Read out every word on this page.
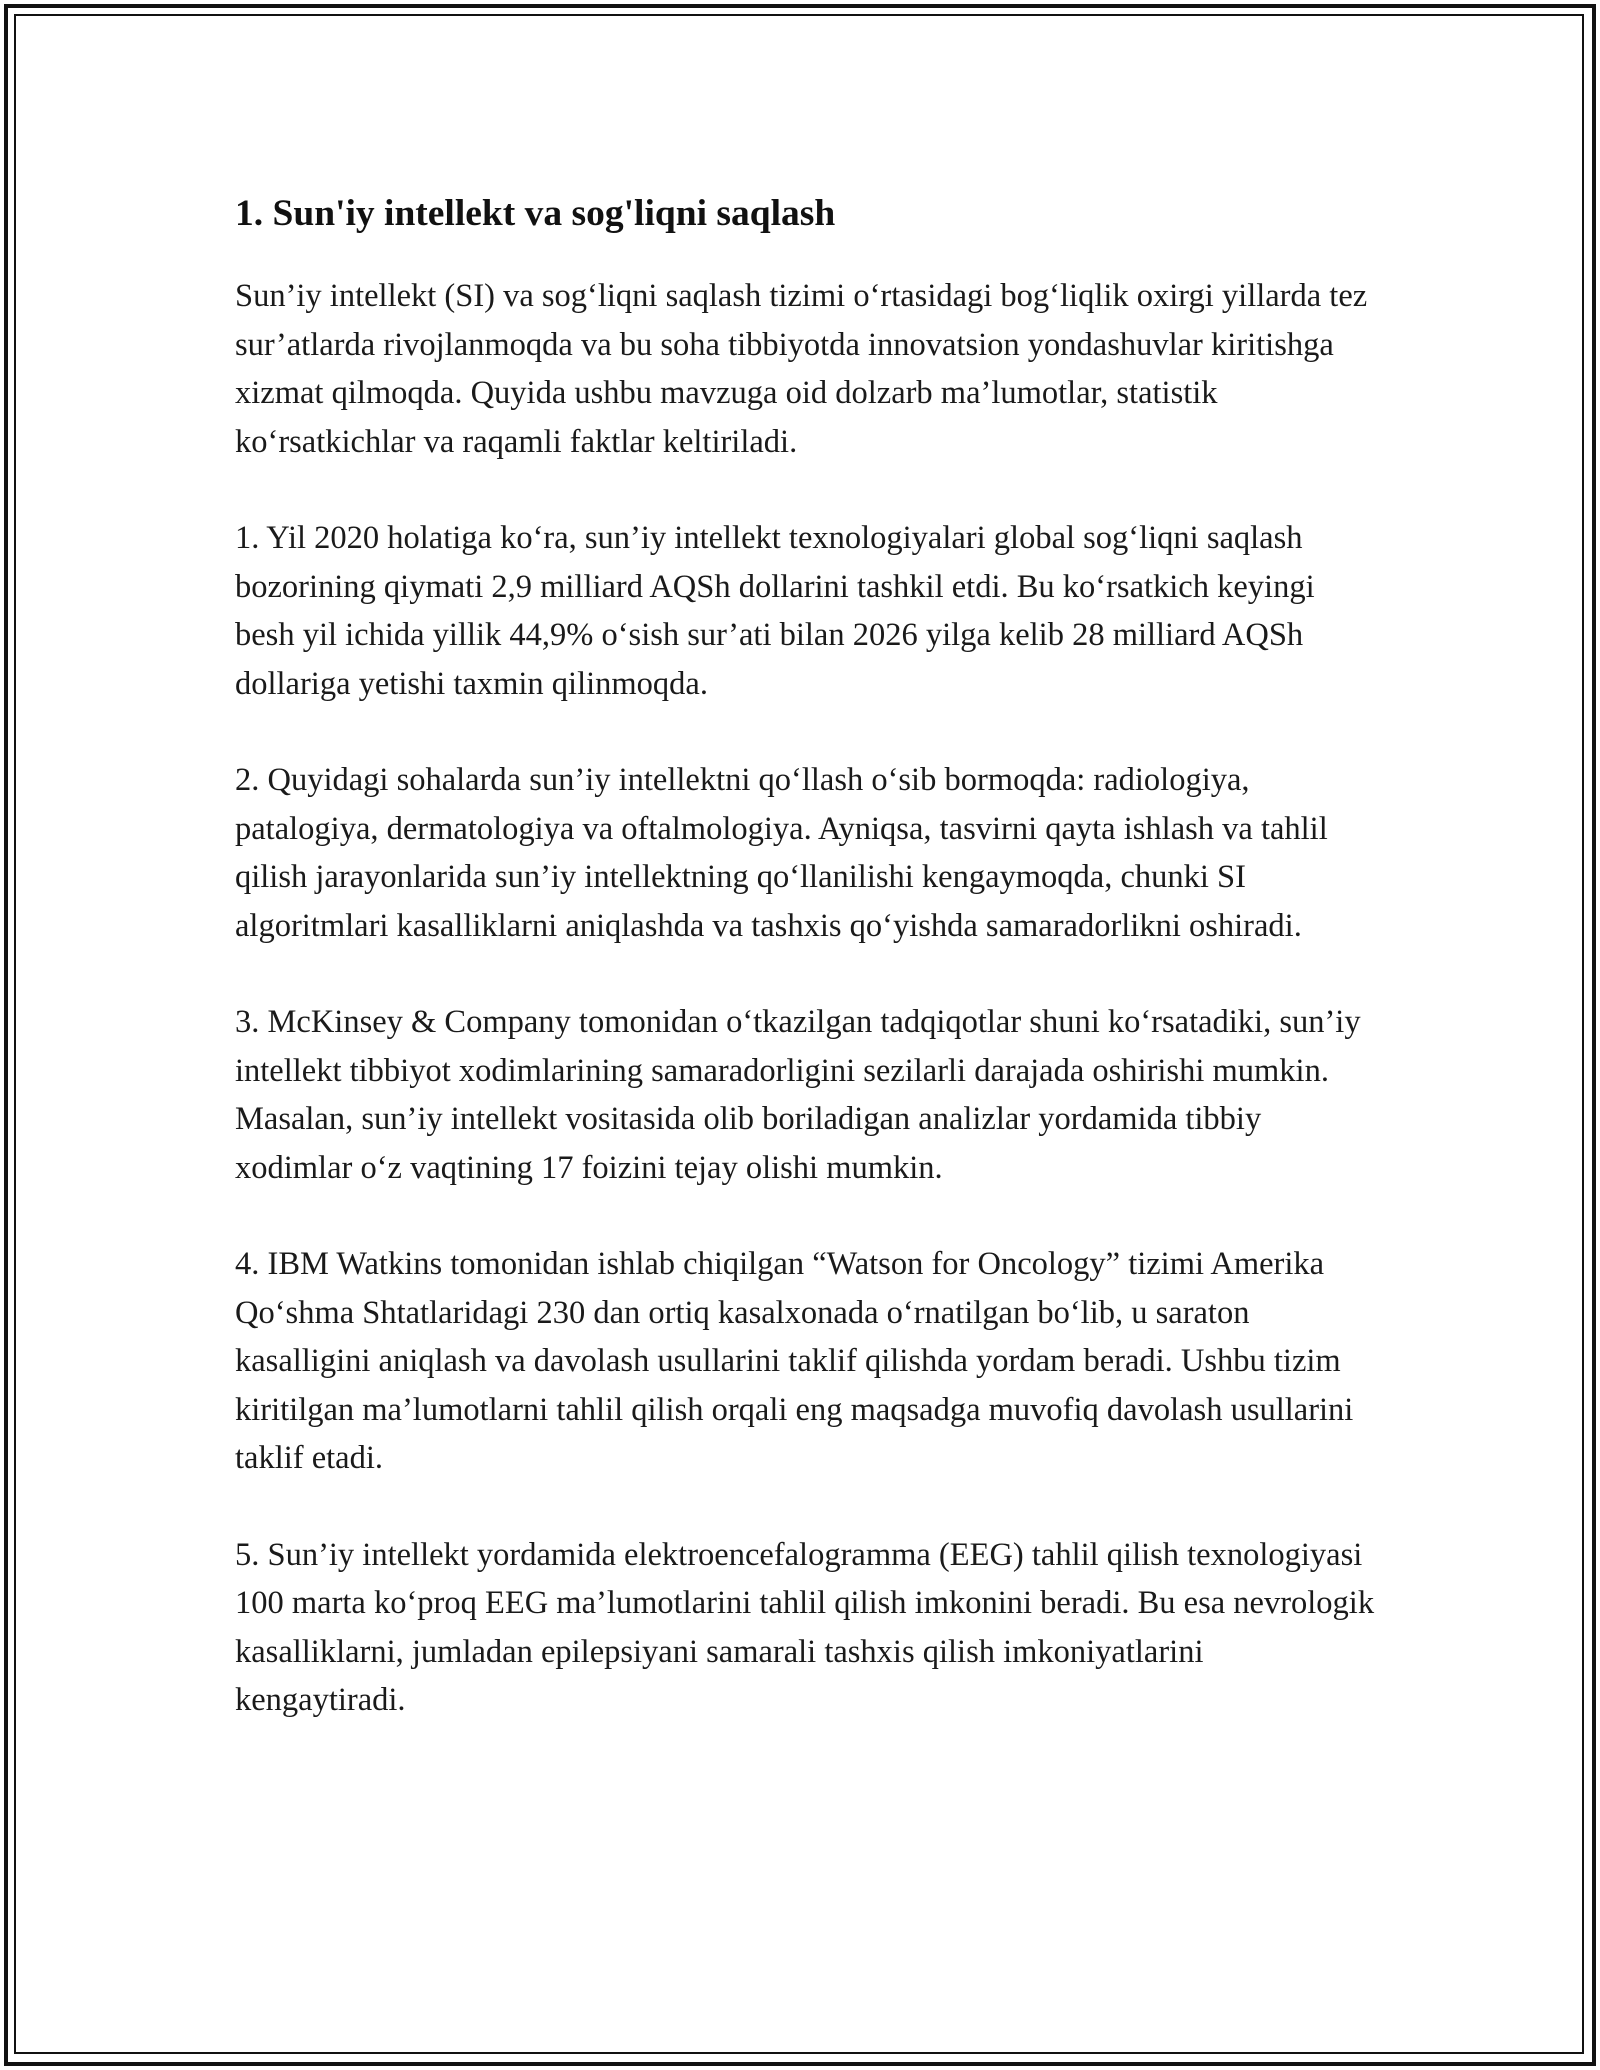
1. Sun'iy intellekt va sog'liqni saqlash

Sun’iy intellekt (SI) va sog‘liqni saqlash tizimi o‘rtasidagi bog‘liqlik oxirgi yillarda tez sur’atlarda rivojlanmoqda va bu soha tibbiyotda innovatsion yondashuvlar kiritishga xizmat qilmoqda. Quyida ushbu mavzuga oid dolzarb ma’lumotlar, statistik ko‘rsatkichlar va raqamli faktlar keltiriladi.

1. Yil 2020 holatiga ko‘ra, sun’iy intellekt texnologiyalari global sog‘liqni saqlash bozorining qiymati 2,9 milliard AQSh dollarini tashkil etdi. Bu ko‘rsatkich keyingi besh yil ichida yillik 44,9% o‘sish sur’ati bilan 2026 yilga kelib 28 milliard AQSh dollariga yetishi taxmin qilinmoqda.

2. Quyidagi sohalarda sun’iy intellektni qo‘llash o‘sib bormoqda: radiologiya, patalogiya, dermatologiya va oftalmologiya. Ayniqsa, tasvirni qayta ishlash va tahlil qilish jarayonlarida sun’iy intellektning qo‘llanilishi kengaymoqda, chunki SI algoritmlari kasalliklarni aniqlashda va tashxis qo‘yishda samaradorlikni oshiradi.

3. McKinsey & Company tomonidan o‘tkazilgan tadqiqotlar shuni ko‘rsatadiki, sun’iy intellekt tibbiyot xodimlarining samaradorligini sezilarli darajada oshirishi mumkin. Masalan, sun’iy intellekt vositasida olib boriladigan analizlar yordamida tibbiy xodimlar o‘z vaqtining 17 foizini tejay olishi mumkin.

4. IBM Watkins tomonidan ishlab chiqilgan “Watson for Oncology” tizimi Amerika Qo‘shma Shtatlaridagi 230 dan ortiq kasalxonada o‘rnatilgan bo‘lib, u saraton kasalligini aniqlash va davolash usullarini taklif qilishda yordam beradi. Ushbu tizim kiritilgan ma’lumotlarni tahlil qilish orqali eng maqsadga muvofiq davolash usullarini taklif etadi.

5. Sun’iy intellekt yordamida elektroencefalogramma (EEG) tahlil qilish texnologiyasi 100 marta ko‘proq EEG ma’lumotlarini tahlil qilish imkonini beradi. Bu esa nevrologik kasalliklarni, jumladan epilepsiyani samarali tashxis qilish imkoniyatlarini kengaytiradi.
